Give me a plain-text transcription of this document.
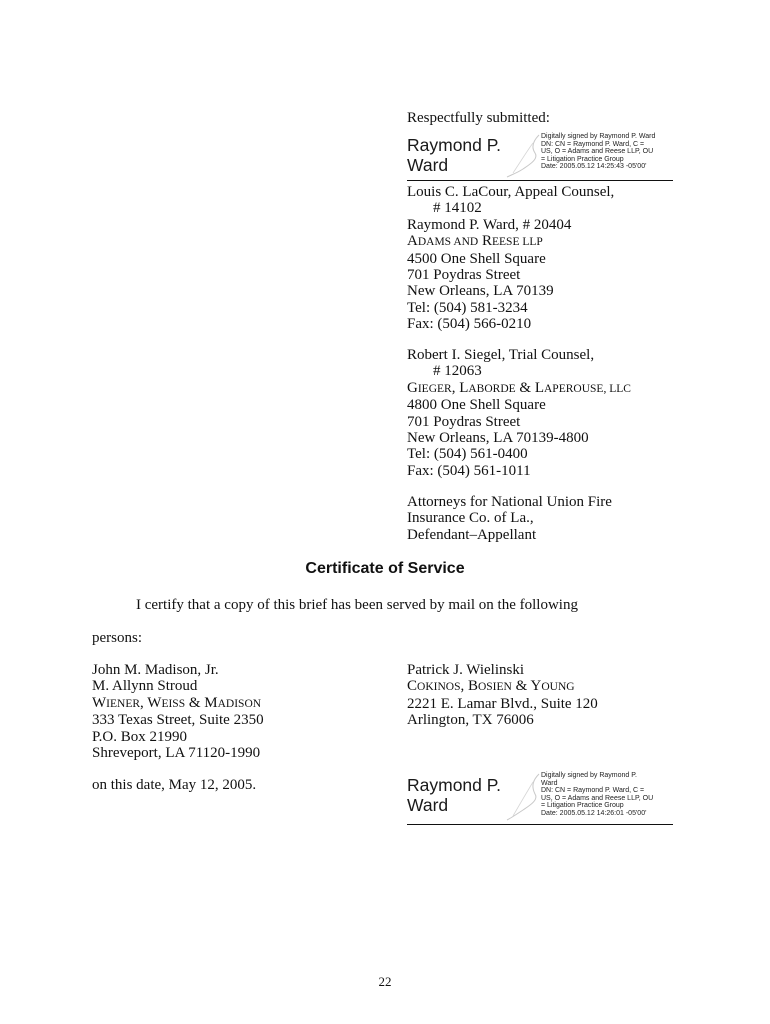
Respectfully submitted:
Raymond P.
Ward
Digitally signed by Raymond P. Ward
DN: CN = Raymond P. Ward, C =
US, O = Adams and Reese LLP, OU
= Litigation Practice Group
Date: 2005.05.12 14:25:43 -05'00'
Louis C. LaCour, Appeal Counsel,
# 14102
Raymond P. Ward, # 20404
ADAMS AND REESE LLP
4500 One Shell Square
701 Poydras Street
New Orleans, LA 70139
Tel: (504) 581-3234
Fax: (504) 566-0210
Robert I. Siegel, Trial Counsel,
# 12063
GIEGER, LABORDE & LAPEROUSE, LLC
4800 One Shell Square
701 Poydras Street
New Orleans, LA 70139-4800
Tel: (504) 561-0400
Fax: (504) 561-1011
Attorneys for National Union Fire
Insurance Co. of La.,
Defendant–Appellant
Certificate of Service
I certify that a copy of this brief has been served by mail on the following
persons:
John M. Madison, Jr.
M. Allynn Stroud
WIENER, WEISS & MADISON
333 Texas Street, Suite 2350
P.O. Box 21990
Shreveport, LA 71120-1990
Patrick J. Wielinski
COKINOS, BOSIEN & YOUNG
2221 E. Lamar Blvd., Suite 120
Arlington, TX 76006
on this date, May 12, 2005.	Raymond P.
Ward
Digitally signed by Raymond P.
Ward
DN: CN = Raymond P. Ward, C =
US, O = Adams and Reese LLP, OU
= Litigation Practice Group
Date: 2005.05.12 14:26:01 -05'00'
22
